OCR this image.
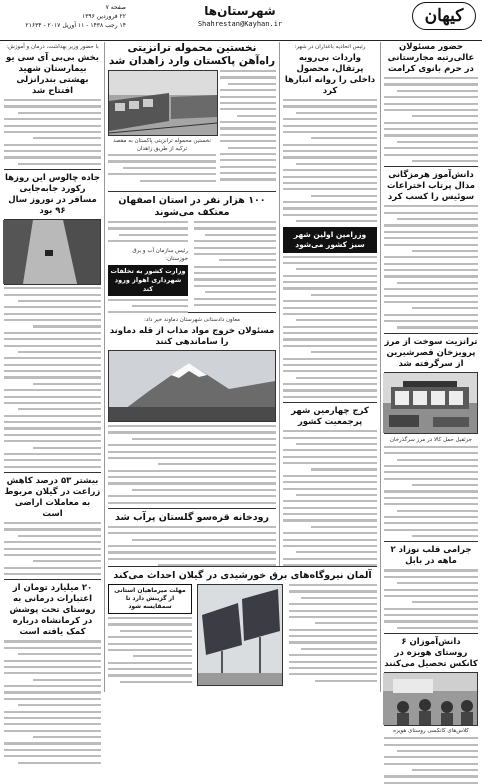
کیهان
شهرستان‌ها
Shahrestan@Kayhan.ir
صفحه ۷
۲۲ فروردین ۱۳۹۶
۱۴ رجب ۱۴۳۸ - ۱۱ آوریل ۲۰۱۷ - ۲۱۶۳۴
حضور مسئولان عالی‌رتبه مجارستانی در حرم بانوی کرامت
دانش‌آموز هرمزگانی مدال پرتاب اختراعات سوئیس را کسب کرد
ترانزیت سوخت از مرز پرویزخان قصرشیرین از سرگرفته شد
جرثقیل حمل کالا در مرز سرگذرخان
جرامی قلب نوزاد ۲ ماهه در بابل
دانش‌آموزان ۶ روستای هویزه در کانکس تحصیل می‌کنند
کلاس‌های کانکسی روستای هویزه
نخستین محموله ترانزیتی راه‌آهن پاکستان وارد زاهدان شد
نخستین محموله ترانزیتی پاکستان به مقصد ترکیه از طریق زاهدان
۱۰۰ هزار نفر در استان اصفهان معتکف می‌شوند
رئیس سازمان آب و برق خوزستان:
وزارت کشور به تخلفات شهرداری اهواز ورود کند
معاون دادستانی شهرستان دماوند خبر داد:
مسئولان خروج مواد مذاب از قله دماوند را ساماندهی کنند
رودخانه قره‌سو گلستان پرآب شد
رئیس اتحادیه باغداران در شهر:
واردات بی‌رویه پرتقال، محصول داخلی را روانه انبارها کرد
وزرامین اولین شهر سبز کشور می‌شود
کرج چهارمین شهر پرجمعیت کشور
آلمان نیروگاه‌های برق خورشیدی در گیلان احداث می‌کند
مهلت میرماهیان استانی از گزینش دارد تا سمقایسه شود
با حضور وزیر بهداشت، درمان و آموزش:
بخش بی‌بی آی سی یو بیمارستان شهید بهشتی بندرانزلی افتتاح شد
جاده چالوس این روزها رکورد جابه‌جایی مسافر در نوروز سال ۹۶ بود
بیشتر ۵۳ درصد کاهش زراعت در گیلان مربوط به معاملات اراضی است
۲۰ میلیارد تومان از اعتبارات درمانی به روستای تحت پوشش در کرمانشاه درباره کمک یافته است
